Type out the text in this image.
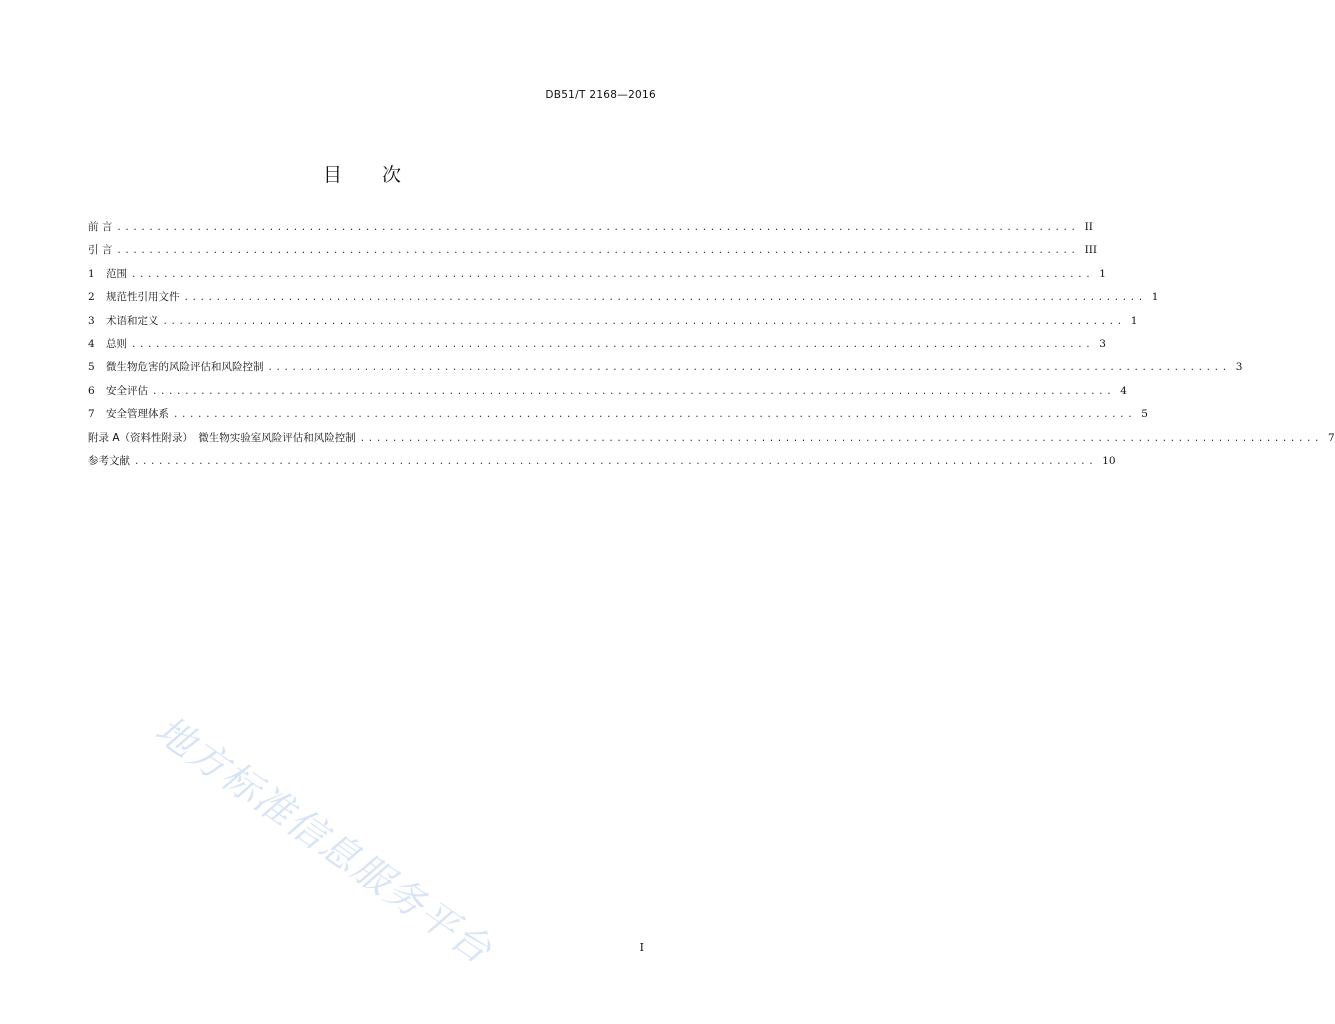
DB51/T 2168—2016
目 次
前 言 ........................................................................................................................ II
引 言 ........................................................................................................................ III
1	范围 ........................................................................................................................ 1
2	规范性引用文件 ........................................................................................................................ 1
3	术语和定义 ........................................................................................................................ 1
4	总则 ........................................................................................................................ 3
5	微生物危害的风险评估和风险控制 ........................................................................................................................ 3
6	安全评估 ........................................................................................................................ 4
7	安全管理体系 ........................................................................................................................ 5
附录 A（资料性附录）　微生物实验室风险评估和风险控制 ........................................................................................................................ 7
参考文献 ........................................................................................................................ 10
地方标准信息服务平台	I
